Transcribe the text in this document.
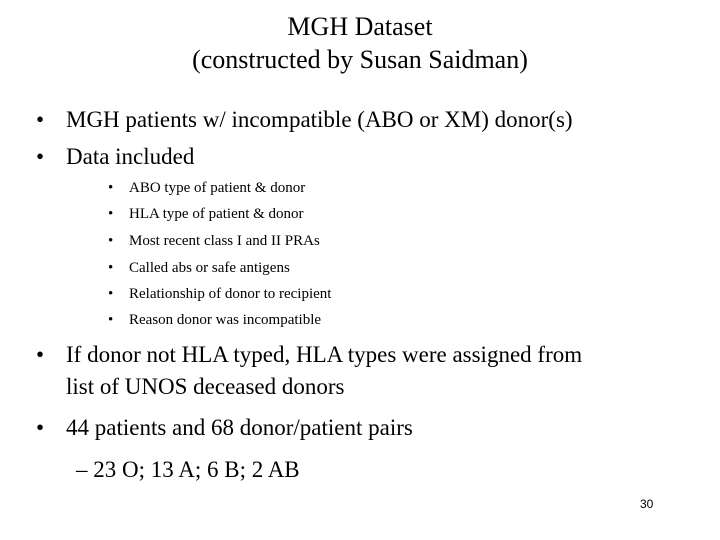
MGH Dataset
(constructed by Susan Saidman)
• MGH patients w/ incompatible (ABO or XM) donor(s)
• Data included
• ABO type of patient & donor
• HLA type of patient & donor
• Most recent class I and II PRAs
• Called abs or safe antigens
• Relationship of donor to recipient
• Reason donor was incompatible
• If donor not HLA typed, HLA types were assigned from
list of UNOS deceased donors
• 44 patients and 68 donor/patient pairs
– 23 O; 13 A; 6 B; 2 AB
30
